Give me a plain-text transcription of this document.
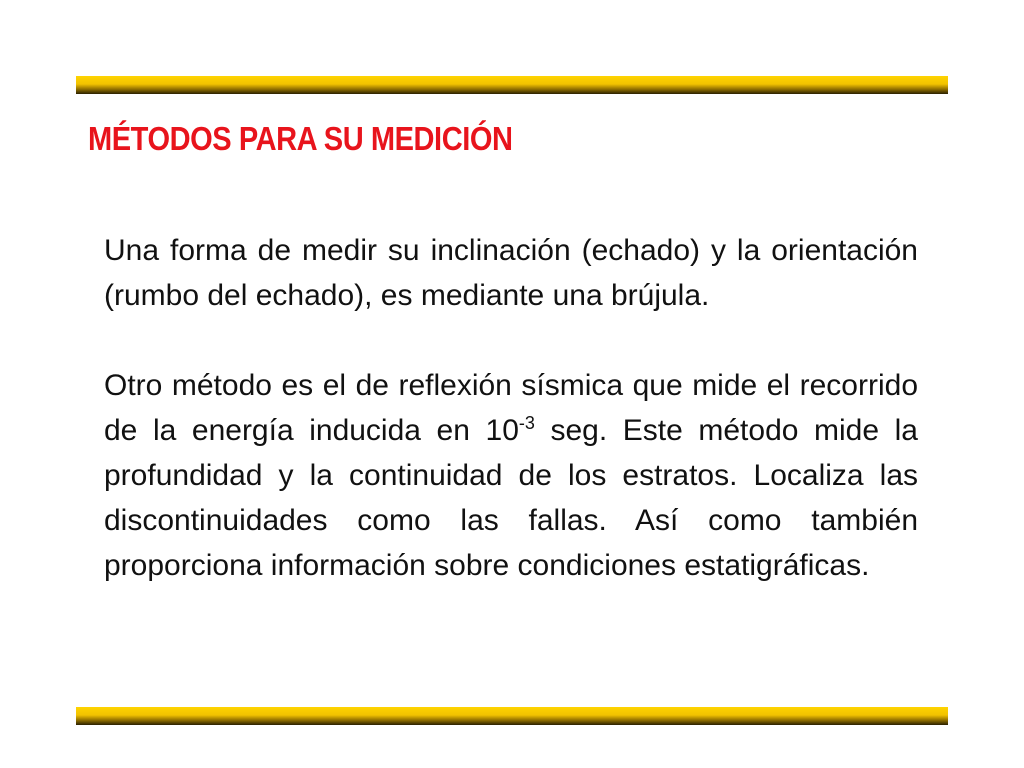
MÉTODOS PARA SU MEDICIÓN

Una forma de medir su inclinación (echado) y la orientación (rumbo del echado), es mediante una brújula.

Otro método es el de reflexión sísmica que mide el recorrido de la energía inducida en $10^{-3}$ seg. Este método mide la profundidad y la continuidad de los estratos. Localiza las discontinuidades como las fallas. Así como también proporciona información sobre condiciones estatigráficas.
